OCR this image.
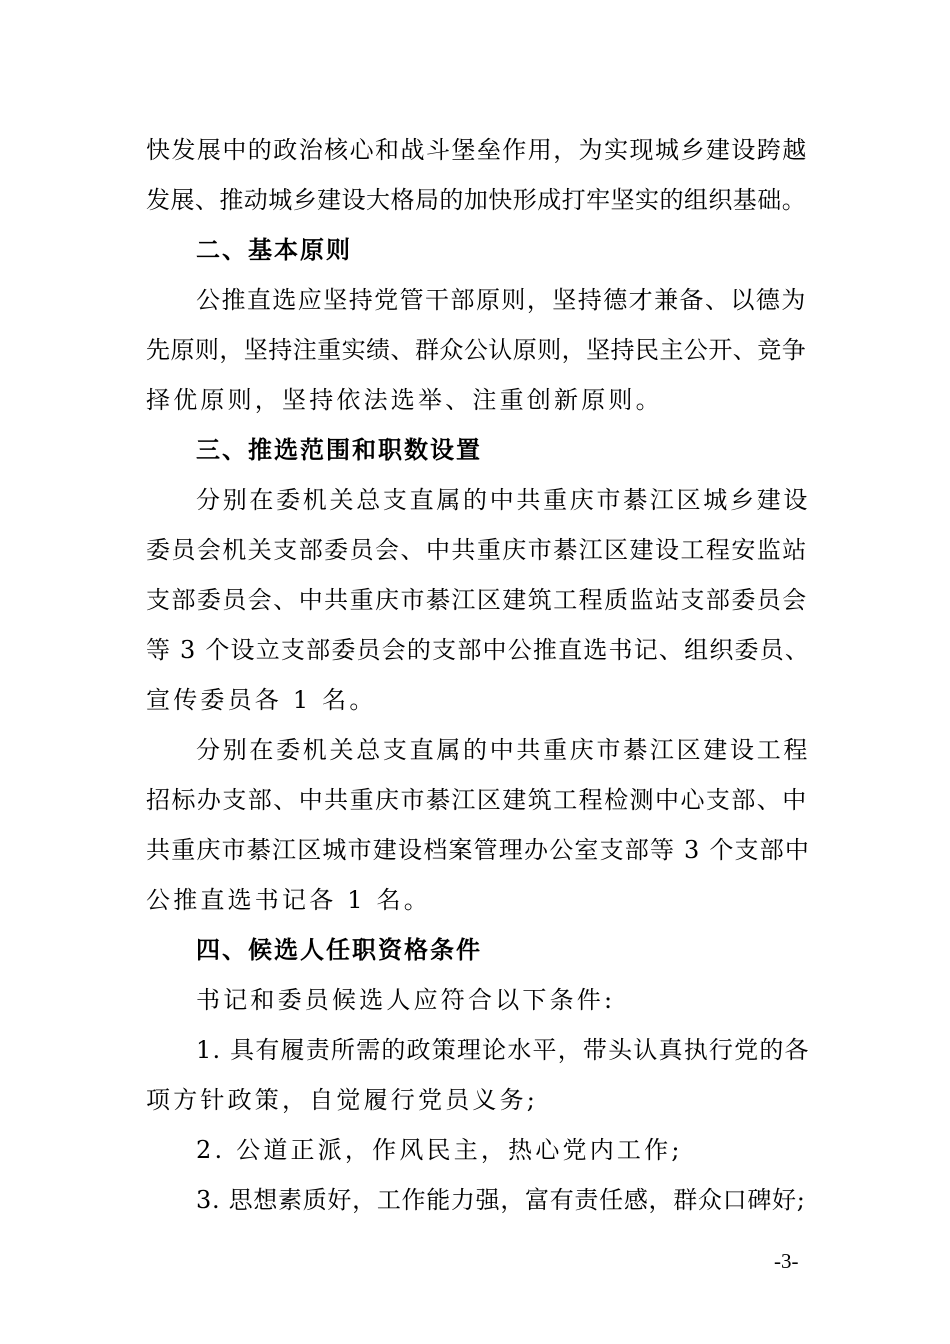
快发展中的政治核心和战斗堡垒作用，为实现城乡建设跨越
发展、推动城乡建设大格局的加快形成打牢坚实的组织基础。
二、基本原则
公推直选应坚持党管干部原则，坚持德才兼备、以德为
先原则，坚持注重实绩、群众公认原则，坚持民主公开、竞争
择优原则，坚持依法选举、注重创新原则。
三、推选范围和职数设置
分别在委机关总支直属的中共重庆市綦江区城乡建设
委员会机关支部委员会、中共重庆市綦江区建设工程安监站
支部委员会、中共重庆市綦江区建筑工程质监站支部委员会
等 3 个设立支部委员会的支部中公推直选书记、组织委员、
宣传委员各 1 名。
分别在委机关总支直属的中共重庆市綦江区建设工程
招标办支部、中共重庆市綦江区建筑工程检测中心支部、中
共重庆市綦江区城市建设档案管理办公室支部等 3 个支部中
公推直选书记各 1 名。
四、候选人任职资格条件
书记和委员候选人应符合以下条件:
1. 具有履责所需的政策理论水平，带头认真执行党的各
项方针政策，自觉履行党员义务;
2. 公道正派，作风民主，热心党内工作;
3. 思想素质好，工作能力强，富有责任感，群众口碑好;
-3-
